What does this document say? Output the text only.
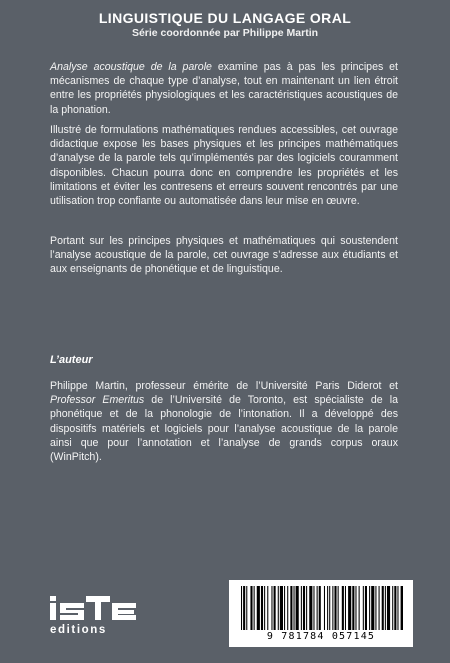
LINGUISTIQUE DU LANGAGE ORAL
Série coordonnée par Philippe Martin

Analyse acoustique de la parole examine pas à pas les principes et mécanismes de chaque type d’analyse, tout en maintenant un lien étroit entre les propriétés physiologiques et les caractéristiques acoustiques de la phonation.

Illustré de formulations mathématiques rendues accessibles, cet ouvrage didactique expose les bases physiques et les principes mathématiques d’analyse de la parole tels qu’implémentés par des logiciels couramment disponibles. Chacun pourra donc en comprendre les propriétés et les limitations et éviter les contresens et erreurs souvent rencontrés par une utilisation trop confiante ou automatisée dans leur mise en œuvre.

Portant sur les principes physiques et mathématiques qui soustendent l’analyse acoustique de la parole, cet ouvrage s’adresse aux étudiants et aux enseignants de phonétique et de linguistique.

L’auteur

Philippe Martin, professeur émérite de l’Université Paris Diderot et Professor Emeritus de l’Université de Toronto, est spécialiste de la phonétique et de la phonologie de l’intonation. Il a développé des dispositifs matériels et logiciels pour l’analyse acoustique de la parole ainsi que pour l’annotation et l’analyse de grands corpus oraux (WinPitch).

editions
9 781784 057145
